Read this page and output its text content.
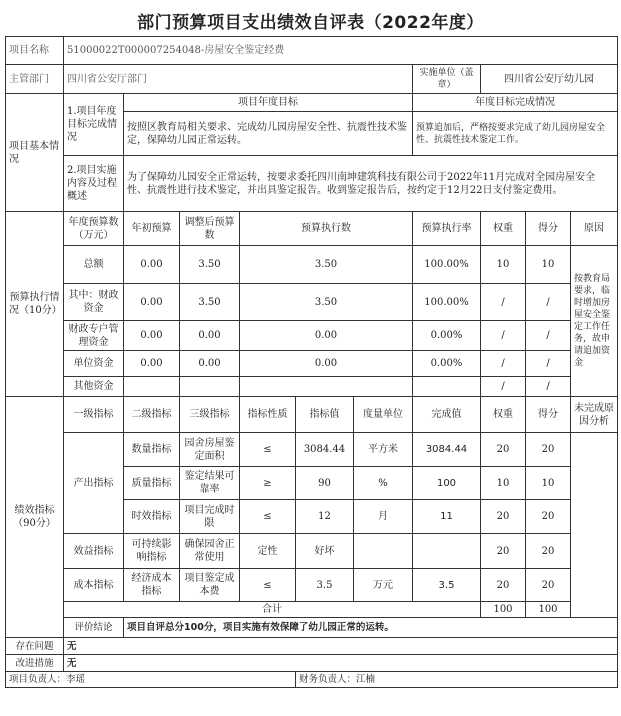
部门预算项目支出绩效自评表（2022年度）
项目名称	51000022T000007254048-房屋安全鉴定经费									
主管部门	四川省公安厅部门						实施单位（盖章）	四川省公安厅幼儿园		
项目基本情况	1.项目年度目标完成情况	项目年度目标					年度目标完成情况			
		按照区教育局相关要求、完成幼儿园房屋安全性、抗震性技术鉴定，保障幼儿园正常运转。					预算追加后，严格按要求完成了幼儿园房屋安全性、抗震性技术鉴定工作。			
	2.项目实施内容及过程概述	为了保障幼儿园安全正常运转，按要求委托四川南坤建筑科技有限公司于2022年11月完成对全园房屋安全性、抗震性进行技术鉴定，并出具鉴定报告。收到鉴定报告后，按约定于12月22日支付鉴定费用。								
预算执行情况（10分）	年度预算数（万元）	年初预算	调整后预算数	预算执行数			预算执行率	权重	得分	原因
	总额	0.00	3.50	3.50			100.00%	10	10	按教育局要求，临时增加房屋安全鉴定工作任务，故申请追加资金
	其中：财政资金	0.00	3.50	3.50			100.00%	/	/	
	财政专户管理资金	0.00	0.00	0.00			0.00%	/	/	
	单位资金	0.00	0.00	0.00			0.00%	/	/	
	其他资金							/	/	
绩效指标（90分）	一级指标	二级指标	三级指标	指标性质	指标值	度量单位	完成值	权重	得分	未完成原因分析
	产出指标	数量指标	园舍房屋鉴定面积	≤	3084.44	平方米	3084.44	20	20	
		质量指标	鉴定结果可靠率	≥	90	%	100	10	10	
		时效指标	项目完成时限	≤	12	月	11	20	20	
	效益指标	可持续影响指标	确保园舍正常使用	定性	好坏			20	20	
	成本指标	经济成本指标	项目鉴定成本费	≤	3.5	万元	3.5	20	20	
	合计							100	100	
	评价结论	项目自评总分100分，项目实施有效保障了幼儿园正常的运转。								
存在问题	无									
改进措施	无									
项目负责人：李瑶					财务负责人：江楠					
